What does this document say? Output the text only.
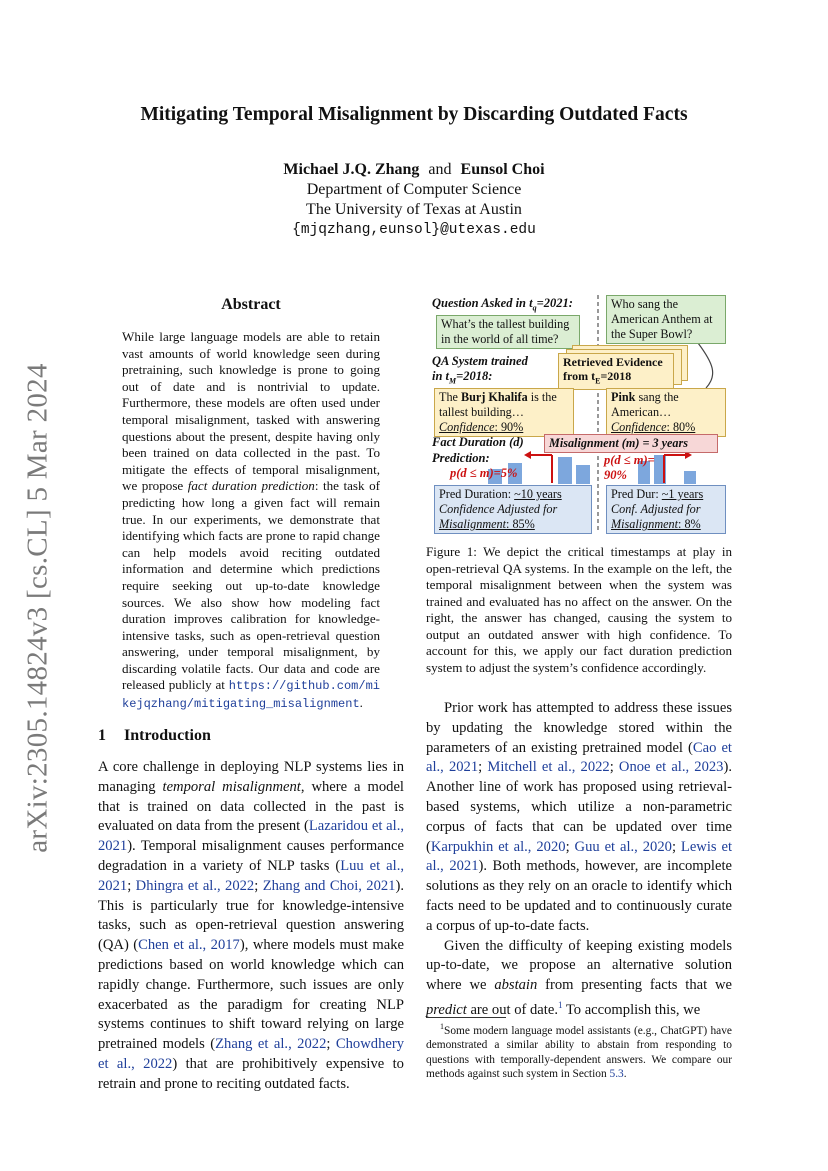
arXiv:2305.14824v3 [cs.CL] 5 Mar 2024
Mitigating Temporal Misalignment by Discarding Outdated Facts
Michael J.Q. Zhang and Eunsol Choi
Department of Computer Science
The University of Texas at Austin
{mjqzhang,eunsol}@utexas.edu
Abstract
While large language models are able to retain vast amounts of world knowledge seen during pretraining, such knowledge is prone to going out of date and is nontrivial to update. Furthermore, these models are often used under temporal misalignment, tasked with answering questions about the present, despite having only been trained on data collected in the past. To mitigate the effects of temporal misalignment, we propose fact duration prediction: the task of predicting how long a given fact will remain true. In our experiments, we demonstrate that identifying which facts are prone to rapid change can help models avoid reciting outdated information and determine which predictions require seeking out up-to-date knowledge sources. We also show how modeling fact duration improves calibration for knowledge-intensive tasks, such as open-retrieval question answering, under temporal misalignment, by discarding volatile facts. Our data and code are released publicly at https://github.com/mikejqzhang/mitigating_misalignment.
1 Introduction
A core challenge in deploying NLP systems lies in managing temporal misalignment, where a model that is trained on data collected in the past is evaluated on data from the present (Lazaridou et al., 2021). Temporal misalignment causes performance degradation in a variety of NLP tasks (Luu et al., 2021; Dhingra et al., 2022; Zhang and Choi, 2021). This is particularly true for knowledge-intensive tasks, such as open-retrieval question answering (QA) (Chen et al., 2017), where models must make predictions based on world knowledge which can rapidly change. Furthermore, such issues are only exacerbated as the paradigm for creating NLP systems continues to shift toward relying on large pretrained models (Zhang et al., 2022; Chowdhery et al., 2022) that are prohibitively expensive to retrain and prone to reciting outdated facts.
Question Asked in $t_q=2021$:
What’s the tallest building in the world of all time?
Who sang the American Anthem at the Super Bowl?
QA System trained
in $t_M=2018$:
Retrieved Evidence
from $t_E=2018$
The Burj Khalifa is the tallest building…
Confidence: 90%
Pink sang the American…
Confidence: 80%
Fact Duration (d)	Misalignment (m) = 3 years
Prediction:
p(d ≤ m)=5%
p(d ≤ m)=
90%
Pred Duration: ~10 years
Confidence Adjusted for
Misalignment: 85%
Pred Dur: ~1 years
Conf. Adjusted for
Misalignment: 8%
Figure 1: We depict the critical timestamps at play in open-retrieval QA systems. In the example on the left, the temporal misalignment between when the system was trained and evaluated has no affect on the answer. On the right, the answer has changed, causing the system to output an outdated answer with high confidence. To account for this, we apply our fact duration prediction system to adjust the system’s confidence accordingly.

Prior work has attempted to address these issues by updating the knowledge stored within the parameters of an existing pretrained model (Cao et al., 2021; Mitchell et al., 2022; Onoe et al., 2023). Another line of work has proposed using retrieval-based systems, which utilize a non-parametric corpus of facts that can be updated over time (Karpukhin et al., 2020; Guu et al., 2020; Lewis et al., 2021). Both methods, however, are incomplete solutions as they rely on an oracle to identify which facts need to be updated and to continuously curate a corpus of up-to-date facts.

Given the difficulty of keeping existing models up-to-date, we propose an alternative solution where we abstain from presenting facts that we predict are out of date.$^1$ To accomplish this, we

$^1$Some modern language model assistants (e.g., ChatGPT) have demonstrated a similar ability to abstain from responding to questions with temporally-dependent answers. We compare our methods against such system in Section 5.3.
